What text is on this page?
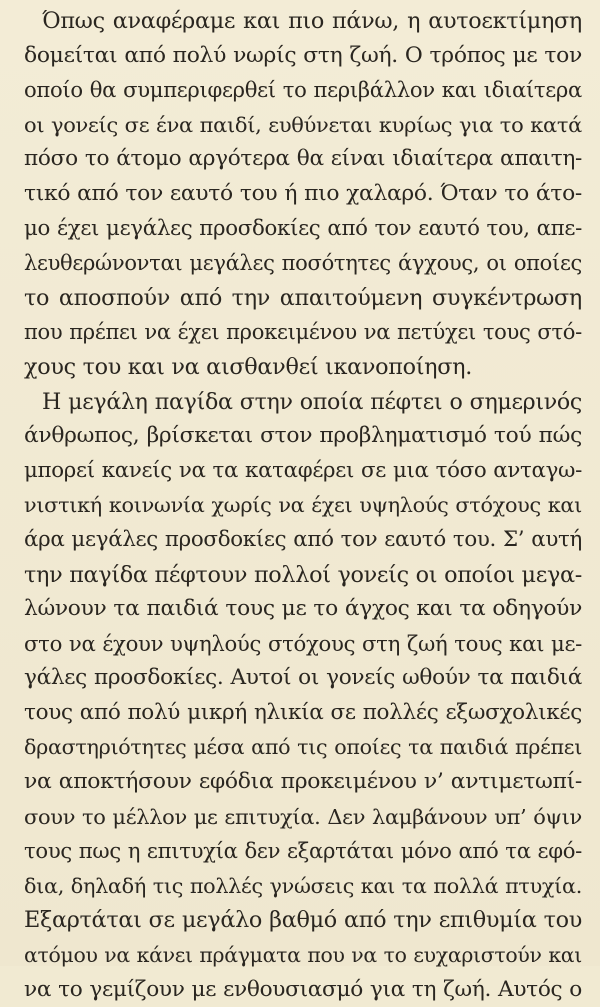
Όπως αναφέραμε και πιο πάνω, η αυτοεκτίμηση
δομείται από πολύ νωρίς στη ζωή. Ο τρόπος με τον
οποίο θα συμπεριφερθεί το περιβάλλον και ιδιαίτερα
οι γονείς σε ένα παιδί, ευθύνεται κυρίως για το κατά
πόσο το άτομο αργότερα θα είναι ιδιαίτερα απαιτη-
τικό από τον εαυτό του ή πιο χαλαρό. Όταν το άτο-
μο έχει μεγάλες προσδοκίες από τον εαυτό του, απε-
λευθερώνονται μεγάλες ποσότητες άγχους, οι οποίες
το αποσπούν από την απαιτούμενη συγκέντρωση
που πρέπει να έχει προκειμένου να πετύχει τους στό-
χους του και να αισθανθεί ικανοποίηση.
Η μεγάλη παγίδα στην οποία πέφτει ο σημερινός
άνθρωπος, βρίσκεται στον προβληματισμό τού πώς
μπορεί κανείς να τα καταφέρει σε μια τόσο ανταγω-
νιστική κοινωνία χωρίς να έχει υψηλούς στόχους και
άρα μεγάλες προσδοκίες από τον εαυτό του. Σ’ αυτή
την παγίδα πέφτουν πολλοί γονείς οι οποίοι μεγα-
λώνουν τα παιδιά τους με το άγχος και τα οδηγούν
στο να έχουν υψηλούς στόχους στη ζωή τους και με-
γάλες προσδοκίες. Αυτοί οι γονείς ωθούν τα παιδιά
τους από πολύ μικρή ηλικία σε πολλές εξωσχολικές
δραστηριότητες μέσα από τις οποίες τα παιδιά πρέπει
να αποκτήσουν εφόδια προκειμένου ν’ αντιμετωπί-
σουν το μέλλον με επιτυχία. Δεν λαμβάνουν υπ’ όψιν
τους πως η επιτυχία δεν εξαρτάται μόνο από τα εφό-
δια, δηλαδή τις πολλές γνώσεις και τα πολλά πτυχία.
Εξαρτάται σε μεγάλο βαθμό από την επιθυμία του
ατόμου να κάνει πράγματα που να το ευχαριστούν και
να το γεμίζουν με ενθουσιασμό για τη ζωή. Αυτός ο
